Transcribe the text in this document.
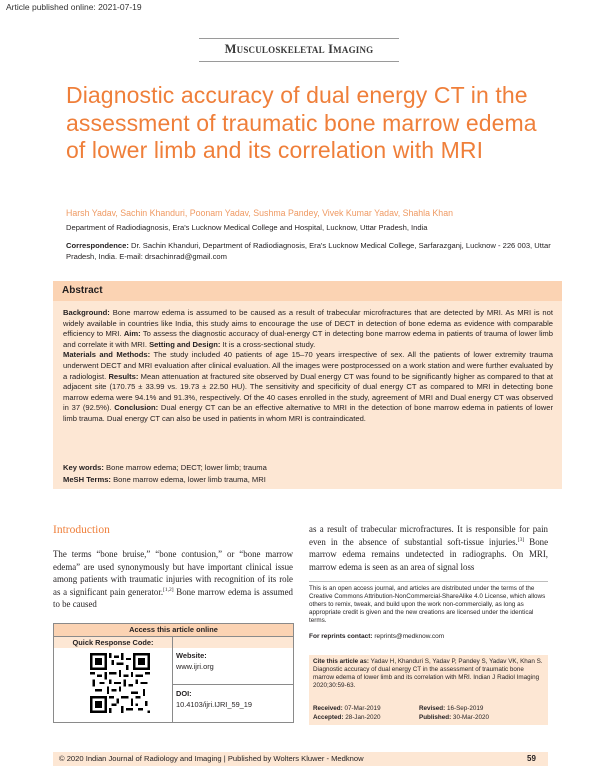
Article published online: 2021-07-19
Musculoskeletal Imaging
Diagnostic accuracy of dual energy CT in the assessment of traumatic bone marrow edema of lower limb and its correlation with MRI
Harsh Yadav, Sachin Khanduri, Poonam Yadav, Sushma Pandey, Vivek Kumar Yadav, Shahla Khan
Department of Radiodiagnosis, Era's Lucknow Medical College and Hospital, Lucknow, Uttar Pradesh, India
Correspondence: Dr. Sachin Khanduri, Department of Radiodiagnosis, Era's Lucknow Medical College, Sarfarazganj, Lucknow - 226 003, Uttar Pradesh, India. E-mail: drsachinrad@gmail.com
Abstract
Background: Bone marrow edema is assumed to be caused as a result of trabecular microfractures that are detected by MRI. As MRI is not widely available in countries like India, this study aims to encourage the use of DECT in detection of bone edema as evidence with comparable efficiency to MRI. Aim: To assess the diagnostic accuracy of dual-energy CT in detecting bone marrow edema in patients of trauma of lower limb and correlate it with MRI. Setting and Design: It is a cross-sectional study.
Materials and Methods: The study included 40 patients of age 15–70 years irrespective of sex. All the patients of lower extremity trauma underwent DECT and MRI evaluation after clinical evaluation. All the images were postprocessed on a work station and were further evaluated by a radiologist. Results: Mean attenuation at fractured site observed by Dual energy CT was found to be significantly higher as compared to that at adjacent site (170.75 ± 33.99 vs. 19.73 ± 22.50 HU). The sensitivity and specificity of dual energy CT as compared to MRI in detecting bone marrow edema were 94.1% and 91.3%, respectively. Of the 40 cases enrolled in the study, agreement of MRI and Dual energy CT was observed in 37 (92.5%). Conclusion: Dual energy CT can be an effective alternative to MRI in the detection of bone marrow edema in patients of lower limb trauma. Dual energy CT can also be used in patients in whom MRI is contraindicated.
Key words: Bone marrow edema; DECT; lower limb; trauma
MeSH Terms: Bone marrow edema, lower limb trauma, MRI
Introduction
The terms “bone bruise,” “bone contusion,” or “bone marrow edema” are used synonymously but have important clinical issue among patients with traumatic injuries with recognition of its role as a significant pain generator.[1,2] Bone marrow edema is assumed to be caused
as a result of trabecular microfractures. It is responsible for pain even in the absence of substantial soft-tissue injuries.[3] Bone marrow edema remains undetected in radiographs. On MRI, marrow edema is seen as an area of signal loss
Access this article online
Quick Response Code:
Website:
www.ijri.org
DOI:
10.4103/ijri.IJRI_59_19
This is an open access journal, and articles are distributed under the terms of the Creative Commons Attribution-NonCommercial-ShareAlike 4.0 License, which allows others to remix, tweak, and build upon the work non-commercially, as long as appropriate credit is given and the new creations are licensed under the identical terms.
For reprints contact: reprints@medknow.com
Cite this article as: Yadav H, Khanduri S, Yadav P, Pandey S, Yadav VK, Khan S. Diagnostic accuracy of dual energy CT in the assessment of traumatic bone marrow edema of lower limb and its correlation with MRI. Indian J Radiol Imaging 2020;30:59-63.
Received: 07-Mar-2019	Revised: 16-Sep-2019
Accepted: 28-Jan-2020	Published: 30-Mar-2020
© 2020 Indian Journal of Radiology and Imaging | Published by Wolters Kluwer - Medknow	59
